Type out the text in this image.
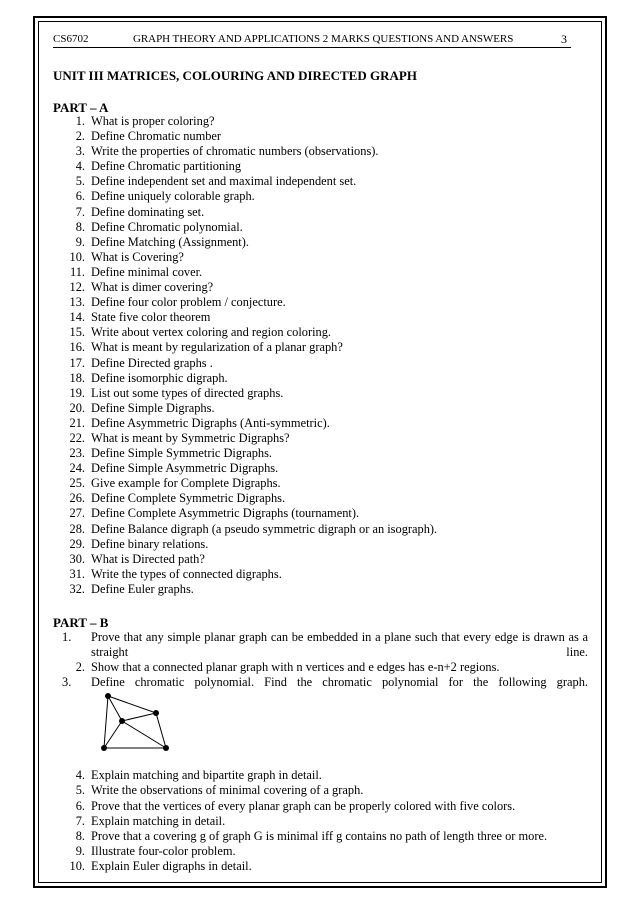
CS6702	GRAPH THEORY AND APPLICATIONS 2 MARKS QUESTIONS AND ANSWERS	3
UNIT III MATRICES, COLOURING AND DIRECTED GRAPH
PART – A
1. What is proper coloring?
2. Define Chromatic number
3. Write the properties of chromatic numbers (observations).
4. Define Chromatic partitioning
5. Define independent set and maximal independent set.
6. Define uniquely colorable graph.
7. Define dominating set.
8. Define Chromatic polynomial.
9. Define Matching (Assignment).
10. What is Covering?
11. Define minimal cover.
12. What is dimer covering?
13. Define four color problem / conjecture.
14. State five color theorem
15. Write about vertex coloring and region coloring.
16. What is meant by regularization of a planar graph?
17. Define Directed graphs .
18. Define isomorphic digraph.
19. List out some types of directed graphs.
20. Define Simple Digraphs.
21. Define Asymmetric Digraphs (Anti-symmetric).
22. What is meant by Symmetric Digraphs?
23. Define Simple Symmetric Digraphs.
24. Define Simple Asymmetric Digraphs.
25. Give example for Complete Digraphs.
26. Define Complete Symmetric Digraphs.
27. Define Complete Asymmetric Digraphs (tournament).
28. Define Balance digraph (a pseudo symmetric digraph or an isograph).
29. Define binary relations.
30. What is Directed path?
31. Write the types of connected digraphs.
32. Define Euler graphs.
PART – B
1.	Prove that any simple planar graph can be embedded in a plane such that every edge is drawn as a straight line.
2. Show that a connected planar graph with n vertices and e edges has e-n+2 regions.
3.	Define chromatic polynomial. Find the chromatic polynomial for the following graph.
4. Explain matching and bipartite graph in detail.
5. Write the observations of minimal covering of a graph.
6. Prove that the vertices of every planar graph can be properly colored with five colors.
7. Explain matching in detail.
8. Prove that a covering g of graph G is minimal iff g contains no path of length three or more.
9. Illustrate four-color problem.
10. Explain Euler digraphs in detail.
